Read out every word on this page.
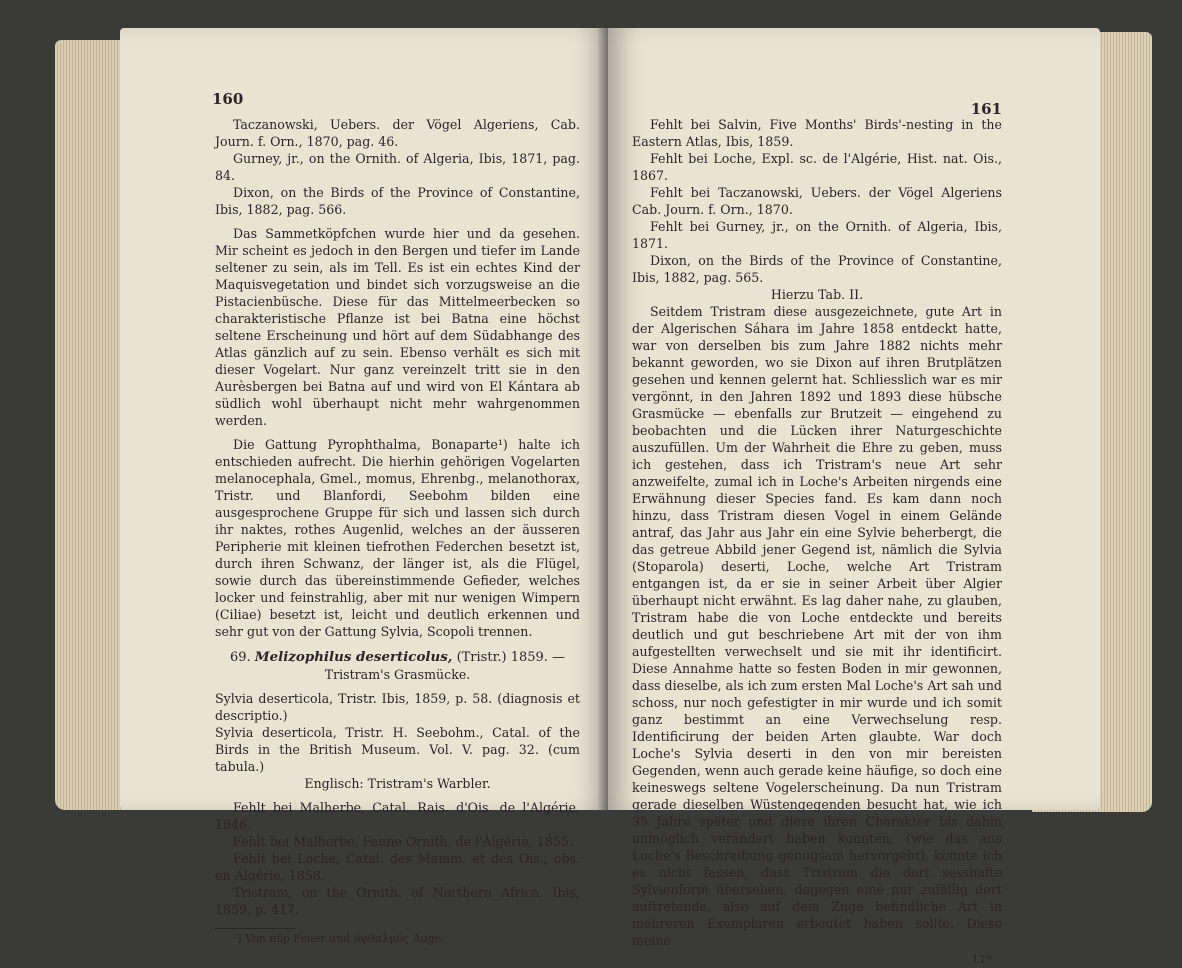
160

Taczanowski, Uebers. der Vögel Algeriens, Cab. Journ. f. Orn., 1870, pag. 46.

Gurney, jr., on the Ornith. of Algeria, Ibis, 1871, pag. 84.

Dixon, on the Birds of the Province of Constantine, Ibis, 1882, pag. 566.

Das Sammetköpfchen wurde hier und da gesehen. Mir scheint es jedoch in den Bergen und tiefer im Lande seltener zu sein, als im Tell. Es ist ein echtes Kind der Maquisvegetation und bindet sich vorzugsweise an die Pistacienbüsche. Diese für das Mittelmeerbecken so charakteristische Pflanze ist bei Batna eine höchst seltene Erscheinung und hört auf dem Südabhange des Atlas gänzlich auf zu sein. Ebenso verhält es sich mit dieser Vogelart. Nur ganz vereinzelt tritt sie in den Aurèsbergen bei Batna auf und wird von El Kántara ab südlich wohl überhaupt nicht mehr wahrgenommen werden.

Die Gattung Pyrophthalma, Bonaparte¹) halte ich entschieden aufrecht. Die hierhin gehörigen Vogelarten melanocephala, Gmel., momus, Ehrenbg., melanothorax, Tristr. und Blanfordi, Seebohm bilden eine ausgesprochene Gruppe für sich und lassen sich durch ihr naktes, rothes Augenlid, welches an der äusseren Peripherie mit kleinen tiefrothen Federchen besetzt ist, durch ihren Schwanz, der länger ist, als die Flügel, sowie durch das übereinstimmende Gefieder, welches locker und feinstrahlig, aber mit nur wenigen Wimpern (Ciliae) besetzt ist, leicht und deutlich erkennen und sehr gut von der Gattung Sylvia, Scopoli trennen.

69. Melizophilus deserticolus, (Tristr.) 1859. —
Tristram's Grasmücke.

Sylvia deserticola, Tristr. Ibis, 1859, p. 58. (diagnosis et descriptio.)

Sylvia deserticola, Tristr. H. Seebohm., Catal. of the Birds in the British Museum. Vol. V. pag. 32. (cum tabula.)

Englisch: Tristram's Warbler.

Fehlt bei Malherbe, Catal. Rais. d'Ois. de l'Algérie, 1846.

Fehlt bei Malherbe, Faune Ornith. de l'Algérie, 1855.

Fehlt bei Loche, Catal. des Mamm. et des Ois., obs. en Algérie, 1858.

Tristram, on the Ornith. of Northern Africa, Ibis, 1859, p. 417.

¹) Von πῦρ Feuer und ὀφθαλμός Auge.
161

Fehlt bei Salvin, Five Months' Birds'-nesting in the Eastern Atlas, Ibis, 1859.

Fehlt bei Loche, Expl. sc. de l'Algérie, Hist. nat. Ois., 1867.

Fehlt bei Taczanowski, Uebers. der Vögel Algeriens Cab. Journ. f. Orn., 1870.

Fehlt bei Gurney, jr., on the Ornith. of Algeria, Ibis, 1871.

Dixon, on the Birds of the Province of Constantine, Ibis, 1882, pag. 565.

Hierzu Tab. II.

Seitdem Tristram diese ausgezeichnete, gute Art in der Algerischen Sáhara im Jahre 1858 entdeckt hatte, war von derselben bis zum Jahre 1882 nichts mehr bekannt geworden, wo sie Dixon auf ihren Brutplätzen gesehen und kennen gelernt hat. Schliesslich war es mir vergönnt, in den Jahren 1892 und 1893 diese hübsche Grasmücke — ebenfalls zur Brutzeit — eingehend zu beobachten und die Lücken ihrer Naturgeschichte auszufüllen. Um der Wahrheit die Ehre zu geben, muss ich gestehen, dass ich Tristram's neue Art sehr anzweifelte, zumal ich in Loche's Arbeiten nirgends eine Erwähnung dieser Species fand. Es kam dann noch hinzu, dass Tristram diesen Vogel in einem Gelände antraf, das Jahr aus Jahr ein eine Sylvie beherbergt, die das getreue Abbild jener Gegend ist, nämlich die Sylvia (Stoparola) deserti, Loche, welche Art Tristram entgangen ist, da er sie in seiner Arbeit über Algier überhaupt nicht erwähnt. Es lag daher nahe, zu glauben, Tristram habe die von Loche entdeckte und bereits deutlich und gut beschriebene Art mit der von ihm aufgestellten verwechselt und sie mit ihr identificirt. Diese Annahme hatte so festen Boden in mir gewonnen, dass dieselbe, als ich zum ersten Mal Loche's Art sah und schoss, nur noch gefestigter in mir wurde und ich somit ganz bestimmt an eine Verwechselung resp. Identificirung der beiden Arten glaubte. War doch Loche's Sylvia deserti in den von mir bereisten Gegenden, wenn auch gerade keine häufige, so doch eine keineswegs seltene Vogelerscheinung. Da nun Tristram gerade dieselben Wüstengegenden besucht hat, wie ich 35 Jahre später und diese ihren Charakter bis dahin unmöglich verändert haben konnten, (wie das aus Loche's Beschreibung genugsam hervorgeht), konnte ich es nicht fassen, dass Tristram die dort sesshafte Sylvienform übersehen, dagegen eine nur zufällig dort auftretende, also auf dem Zuge befindliche Art in mehreren Exemplaren erbeutet haben sollte. Diese meine

11*
